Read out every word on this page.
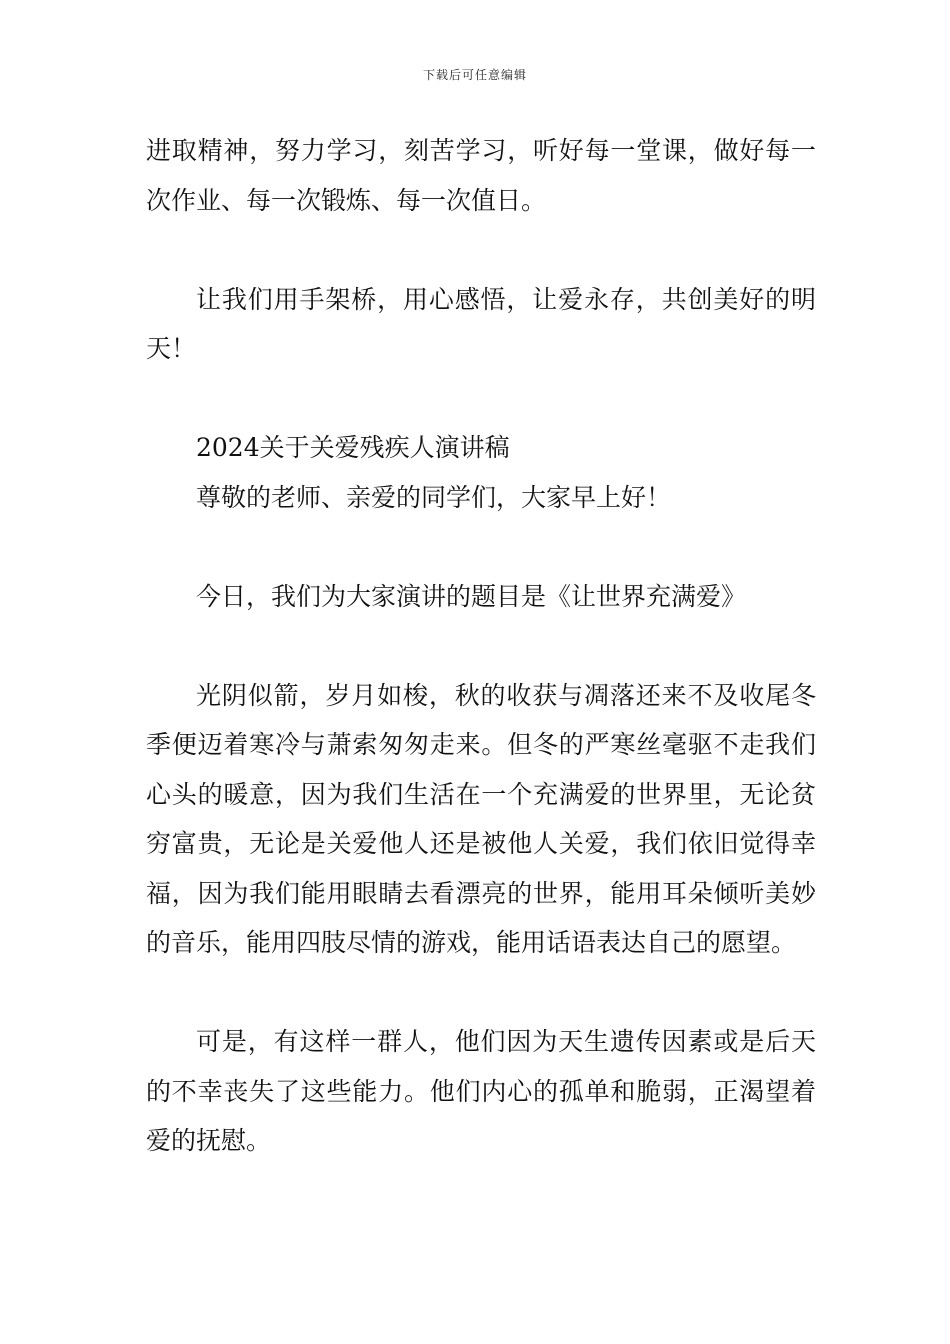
下载后可任意编辑

进取精神，努力学习，刻苦学习，听好每一堂课，做好每一次作业、每一次锻炼、每一次值日。

让我们用手架桥，用心感悟，让爱永存，共创美好的明天！

2024关于关爱残疾人演讲稿

尊敬的老师、亲爱的同学们，大家早上好！

今日，我们为大家演讲的题目是《让世界充满爱》

光阴似箭，岁月如梭，秋的收获与凋落还来不及收尾冬季便迈着寒冷与萧索匆匆走来。但冬的严寒丝毫驱不走我们心头的暖意，因为我们生活在一个充满爱的世界里，无论贫穷富贵，无论是关爱他人还是被他人关爱，我们依旧觉得幸福，因为我们能用眼睛去看漂亮的世界，能用耳朵倾听美妙的音乐，能用四肢尽情的游戏，能用话语表达自己的愿望。

可是，有这样一群人，他们因为天生遗传因素或是后天的不幸丧失了这些能力。他们内心的孤单和脆弱，正渴望着爱的抚慰。
